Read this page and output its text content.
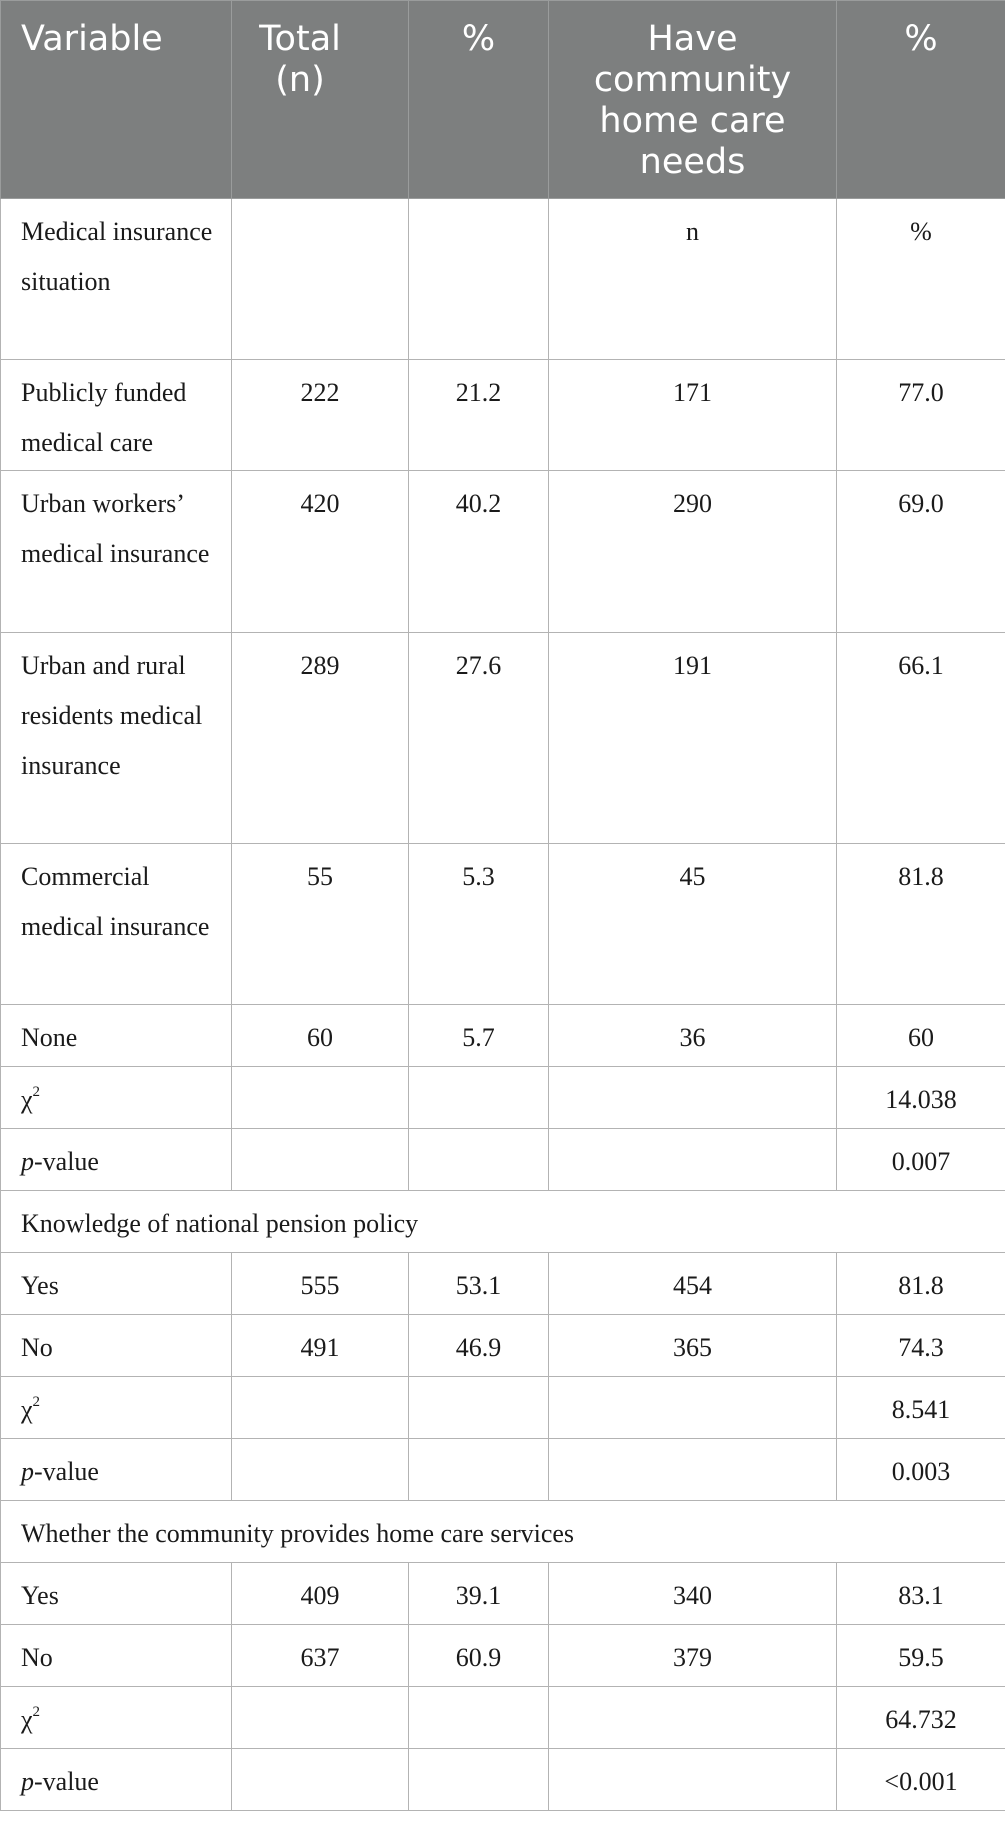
Variable	Total (n)	%	Have community home care needs	%
Medical insurance situation			n	%
Publicly funded medical care	222	21.2	171	77.0
Urban workers’ medical insurance	420	40.2	290	69.0
Urban and rural residents medical insurance	289	27.6	191	66.1
Commercial medical insurance	55	5.3	45	81.8
None	60	5.7	36	60
$\chi^2$				14.038
p-value				0.007
Knowledge of national pension policy				
Yes	555	53.1	454	81.8
No	491	46.9	365	74.3
$\chi^2$				8.541
p-value				0.003
Whether the community provides home care services				
Yes	409	39.1	340	83.1
No	637	60.9	379	59.5
$\chi^2$				64.732
p-value				<0.001
